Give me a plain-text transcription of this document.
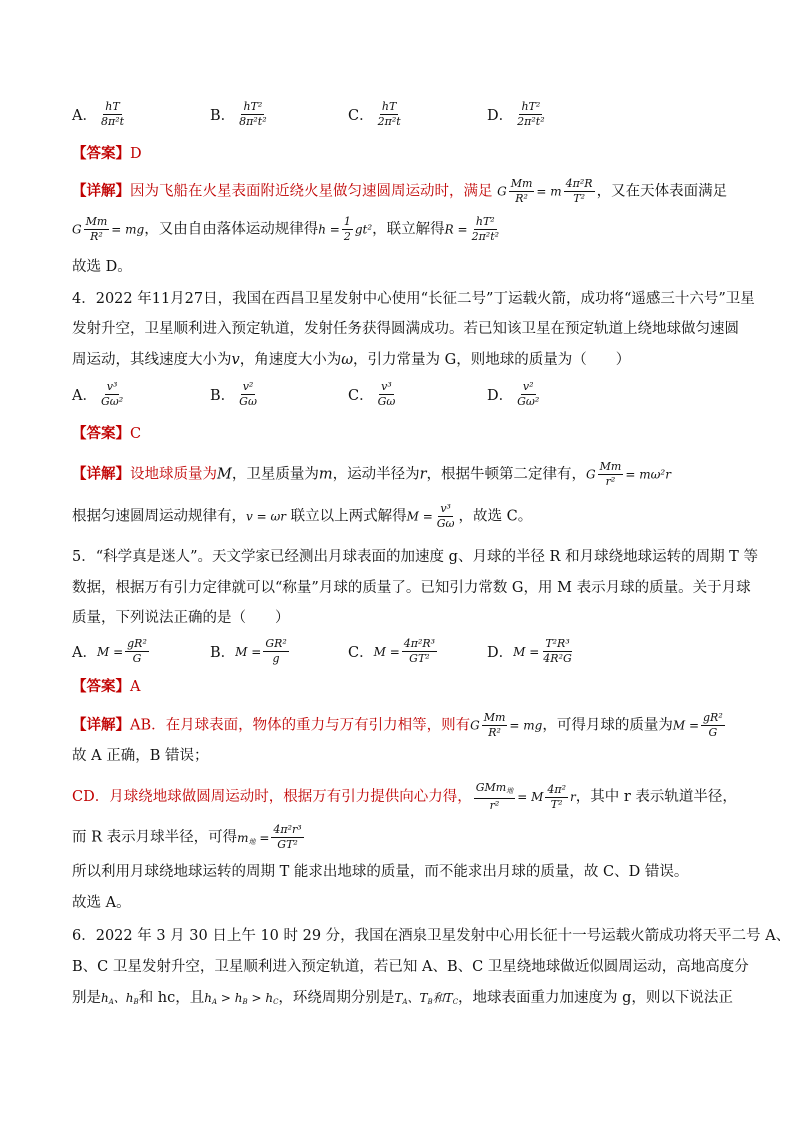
A． $\frac{hT}{\text{8π²t}}$	B． $\frac{\text{hT²}}{\text{8π²t²}}$	C． $\frac{hT}{\text{2π²t}}$	D． $\frac{\text{hT²}}{\text{2π²t²}}$
【答案】D
【详解】因为飞船在火星表面附近绕火星做匀速圆周运动时，满足 G $\frac{Mm}{\text{R²}} = m \frac{\text{4π²R}}{\text{T²}}$ ，又在天体表面满足
G $\frac{Mm}{\text{R²}}$ = mg，又由自由落体运动规律得$h = \frac{1}{2} gt^2$，联立解得$R = \frac{\text{hT²}}{\text{2π²t²}}$
故选 D。
4．2022 年11月27日，我国在西昌卫星发射中心使用“长征二号”丁运载火箭，成功将“遥感三十六号”卫星
发射升空，卫星顺利进入预定轨道，发射任务获得圆满成功。若已知该卫星在预定轨道上绕地球做匀速圆
周运动，其线速度大小为v，角速度大小为ω，引力常量为 G，则地球的质量为（　　）
A． $\frac{\text{v³}}{\text{Gω²}}$	B． $\frac{\text{v²}}{G\omega}$	C． $\frac{\text{v³}}{G\omega}$	D． $\frac{\text{v²}}{\text{Gω²}}$
【答案】C
【详解】设地球质量为M，卫星质量为m，运动半径为r，根据牛顿第二定律有，G $\frac{Mm}{\text{r²}} = m\omega^2r$
根据匀速圆周运动规律有，v = ωr 联立以上两式解得$M = \frac{\text{v³}}{G\omega}$ ，故选 C。
5．“科学真是迷人”。天文学家已经测出月球表面的加速度 g、月球的半径 R 和月球绕地球运转的周期 T 等
数据，根据万有引力定律就可以“称量”月球的质量了。已知引力常数 G，用 M 表示月球的质量。关于月球
质量，下列说法正确的是（　　）
A． $M = \frac{\text{gR²}}{G}$	B． $M = \frac{\text{GR²}}{g}$	C． $M = \frac{\text{4π²R³}}{\text{GT²}}$	D． $M = \frac{\text{T²R³}}{\text{4R²G}}$
【答案】A
【详解】AB．在月球表面，物体的重力与万有引力相等，则有G $\frac{Mm}{\text{R²}}$ = mg，可得月球的质量为$M = \frac{\text{gR²}}{G}$
故 A 正确，B 错误；
CD．月球绕地球做圆周运动时，根据万有引力提供向心力得， $\frac{GMm_地}{\text{r²}} = M \frac{\text{4π²}}{\text{T²}}$ r，其中 r 表示轨道半径，
而 R 表示月球半径，可得$m_地 = \frac{\text{4π²r³}}{\text{GT²}}$
所以利用月球绕地球运转的周期 T 能求出地球的质量，而不能求出月球的质量，故 C、D 错误。
故选 A。
6．2022 年 3 月 30 日上午 10 时 29 分，我国在酒泉卫星发射中心用长征十一号运载火箭成功将天平二号 A、
B、C 卫星发射升空，卫星顺利进入预定轨道，若已知 A、B、C 卫星绕地球做近似圆周运动，高地高度分
别是$h_A$、$h_B$和 hc，且$h_A > h_B > h_C$，环绕周期分别是$T_A$、$T_B$和$T_C$，地球表面重力加速度为 g，则以下说法正
